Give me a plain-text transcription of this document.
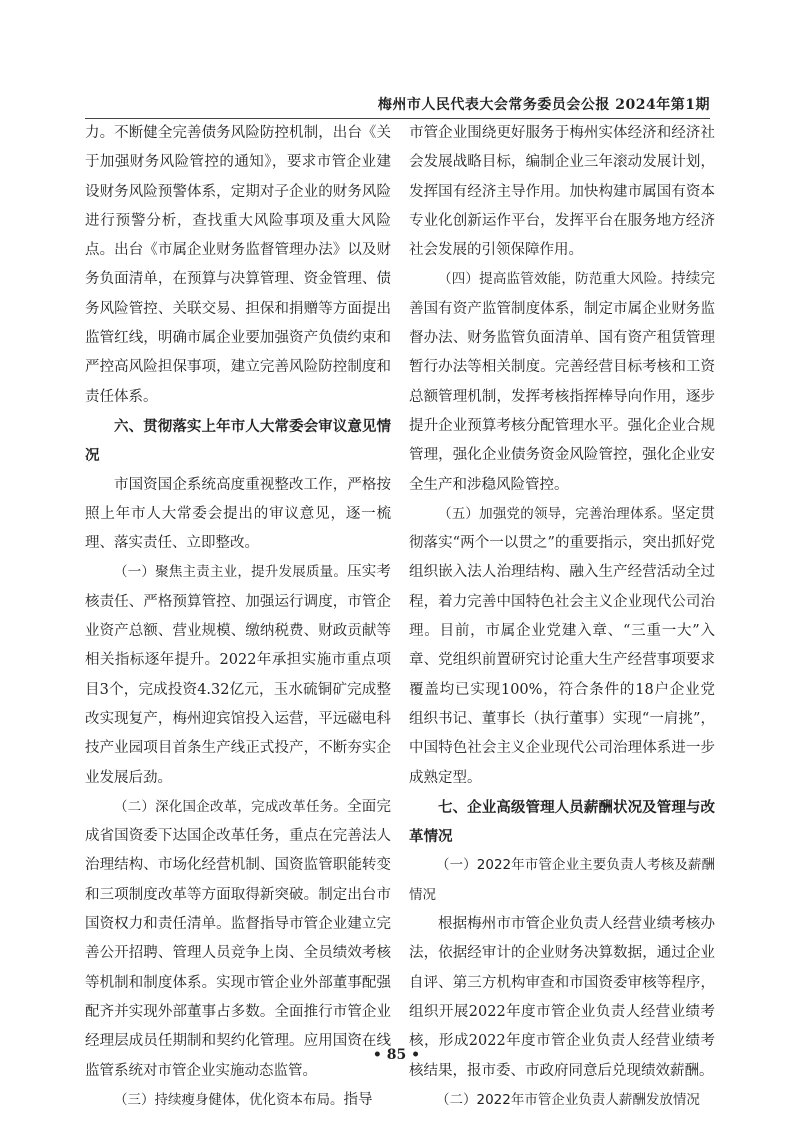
梅州市人民代表大会常务委员会公报 2024年第1期

力。不断健全完善债务风险防控机制，出台《关于加强财务风险管控的通知》，要求市管企业建设财务风险预警体系，定期对子企业的财务风险进行预警分析，查找重大风险事项及重大风险点。出台《市属企业财务监督管理办法》以及财务负面清单，在预算与决算管理、资金管理、债务风险管控、关联交易、担保和捐赠等方面提出监管红线，明确市属企业要加强资产负债约束和严控高风险担保事项，建立完善风险防控制度和责任体系。

六、贯彻落实上年市人大常委会审议意见情况

市国资国企系统高度重视整改工作，严格按照上年市人大常委会提出的审议意见，逐一梳理、落实责任、立即整改。

（一）聚焦主责主业，提升发展质量。压实考核责任、严格预算管控、加强运行调度，市管企业资产总额、营业规模、缴纳税费、财政贡献等相关指标逐年提升。2022年承担实施市重点项目3个，完成投资4.32亿元，玉水硫铜矿完成整改实现复产，梅州迎宾馆投入运营，平远磁电科技产业园项目首条生产线正式投产，不断夯实企业发展后劲。

（二）深化国企改革，完成改革任务。全面完成省国资委下达国企改革任务，重点在完善法人治理结构、市场化经营机制、国资监管职能转变和三项制度改革等方面取得新突破。制定出台市国资权力和责任清单。监督指导市管企业建立完善公开招聘、管理人员竞争上岗、全员绩效考核等机制和制度体系。实现市管企业外部董事配强配齐并实现外部董事占多数。全面推行市管企业经理层成员任期制和契约化管理。应用国资在线监管系统对市管企业实施动态监管。

（三）持续瘦身健体，优化资本布局。指导

市管企业围绕更好服务于梅州实体经济和经济社会发展战略目标，编制企业三年滚动发展计划，发挥国有经济主导作用。加快构建市属国有资本专业化创新运作平台，发挥平台在服务地方经济社会发展的引领保障作用。

（四）提高监管效能，防范重大风险。持续完善国有资产监管制度体系，制定市属企业财务监督办法、财务监管负面清单、国有资产租赁管理暂行办法等相关制度。完善经营目标考核和工资总额管理机制，发挥考核指挥棒导向作用，逐步提升企业预算考核分配管理水平。强化企业合规管理，强化企业债务资金风险管控，强化企业安全生产和涉稳风险管控。

（五）加强党的领导，完善治理体系。坚定贯彻落实“两个一以贯之”的重要指示，突出抓好党组织嵌入法人治理结构、融入生产经营活动全过程，着力完善中国特色社会主义企业现代公司治理。目前，市属企业党建入章、“三重一大”入章、党组织前置研究讨论重大生产经营事项要求覆盖均已实现100%，符合条件的18户企业党组织书记、董事长（执行董事）实现“一肩挑”，中国特色社会主义企业现代公司治理体系进一步成熟定型。

七、企业高级管理人员薪酬状况及管理与改革情况

（一）2022年市管企业主要负责人考核及薪酬情况

根据梅州市市管企业负责人经营业绩考核办法，依据经审计的企业财务决算数据，通过企业自评、第三方机构审查和市国资委审核等程序，组织开展2022年度市管企业负责人经营业绩考核，形成2022年度市管企业负责人经营业绩考核结果，报市委、市政府同意后兑现绩效薪酬。

（二）2022年市管企业负责人薪酬发放情况

• 85 •
